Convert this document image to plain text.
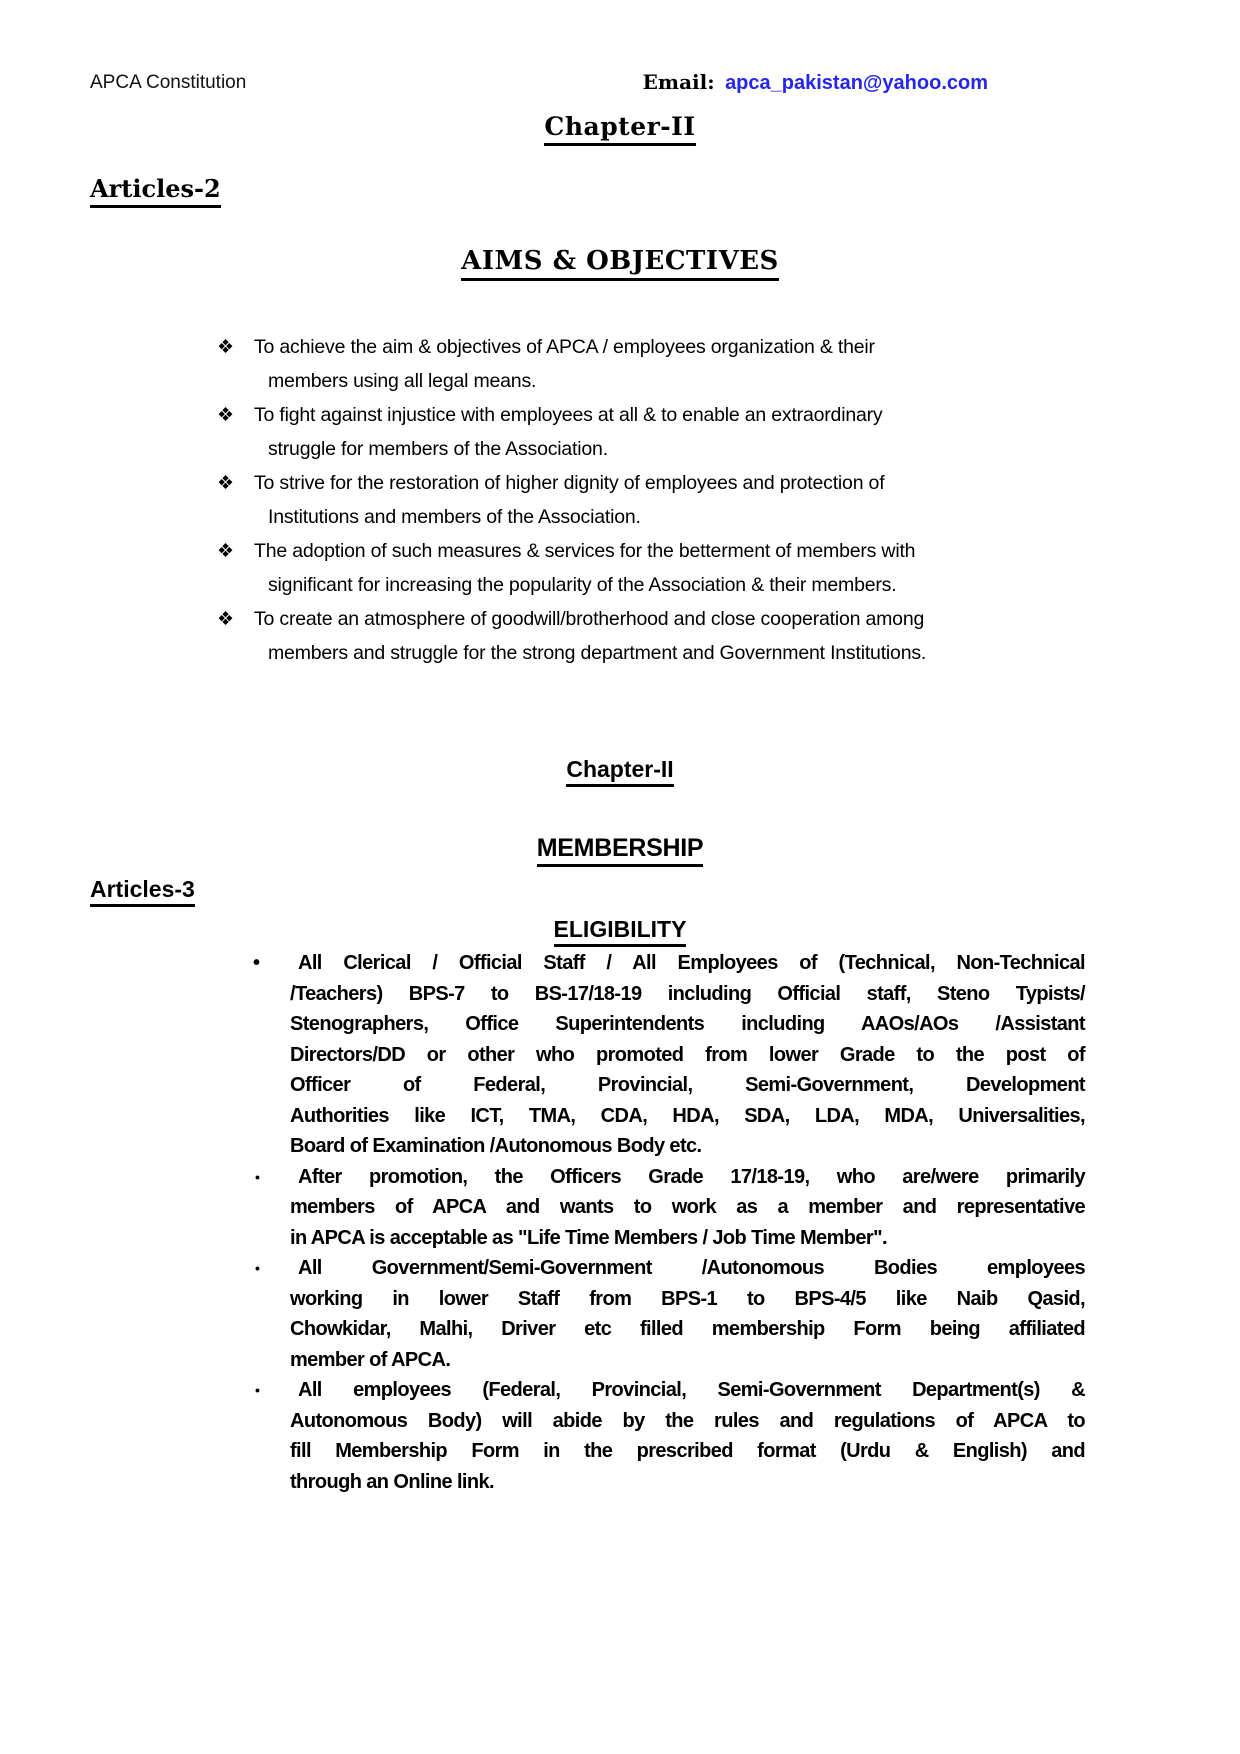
APCA Constitution	Email: apca_pakistan@yahoo.com
Chapter-II
Articles-2
AIMS & OBJECTIVES
❖ To achieve the aim & objectives of APCA / employees organization & their
members using all legal means.
❖ To fight against injustice with employees at all & to enable an extraordinary
struggle for members of the Association.
❖ To strive for the restoration of higher dignity of employees and protection of
Institutions and members of the Association.
❖ The adoption of such measures & services for the betterment of members with
significant for increasing the popularity of the Association & their members.
❖ To create an atmosphere of goodwill/brotherhood and close cooperation among
members and struggle for the strong department and Government Institutions.
Chapter-II
MEMBERSHIP
Articles-3
ELIGIBILITY
•	All Clerical / Official Staff / All Employees of (Technical, Non-Technical
/Teachers) BPS-7 to BS-17/18-19 including Official staff, Steno Typists/
Stenographers, Office Superintendents including AAOs/AOs /Assistant
Directors/DD or other who promoted from lower Grade to the post of
Officer of Federal, Provincial, Semi-Government, Development
Authorities like ICT, TMA, CDA, HDA, SDA, LDA, MDA, Universalities,
Board of Examination /Autonomous Body etc.
•	After promotion, the Officers Grade 17/18-19, who are/were primarily
members of APCA and wants to work as a member and representative
in APCA is acceptable as "Life Time Members / Job Time Member".
•	All Government/Semi-Government /Autonomous Bodies employees
working in lower Staff from BPS-1 to BPS-4/5 like Naib Qasid,
Chowkidar, Malhi, Driver etc filled membership Form being affiliated
member of APCA.
•	All employees (Federal, Provincial, Semi-Government Department(s) &
Autonomous Body) will abide by the rules and regulations of APCA to
fill Membership Form in the prescribed format (Urdu & English) and
through an Online link.
